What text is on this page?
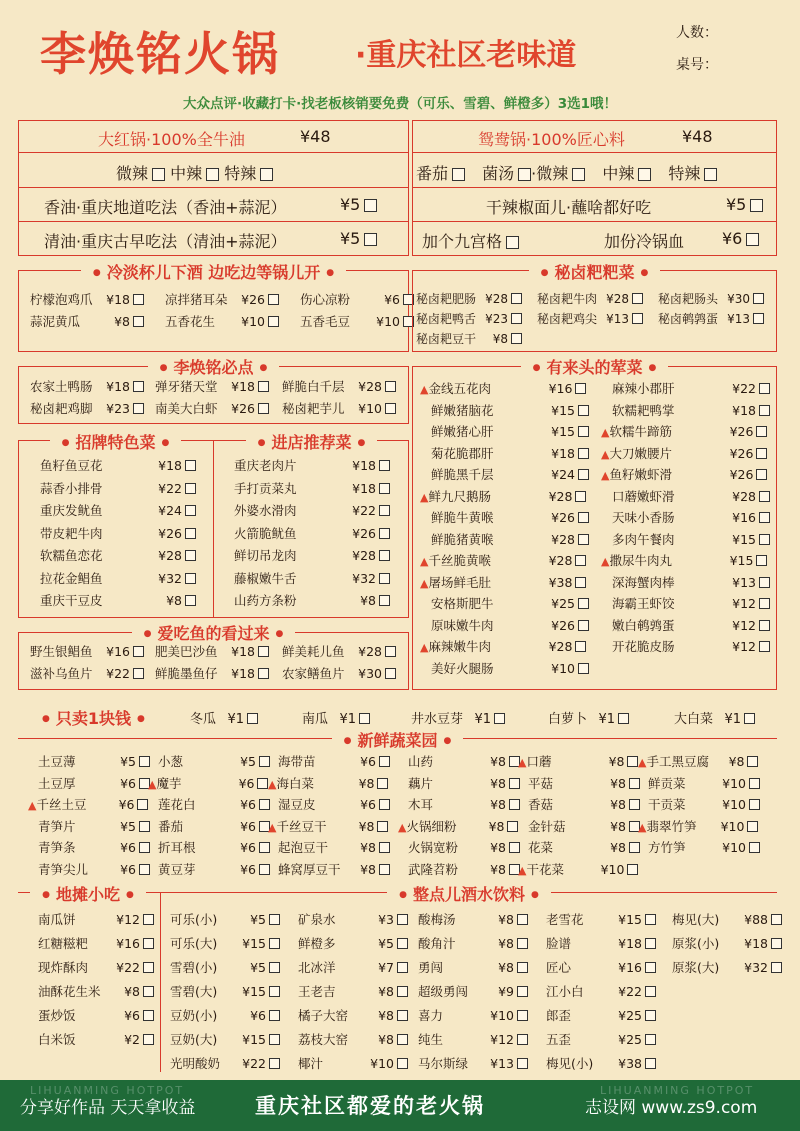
李焕铭火锅	·重庆社区老味道
人数：
桌号：
大众点评·收藏打卡·找老板核销要免费（可乐、雪碧、鲜橙多）3选1哦！
大红锅·100%全牛油	¥48	鸳鸯锅·100%匠心料	¥48
微辣 中辣 特辣	番茄 菌汤 ·微辣 中辣 特辣
香油·重庆地道吃法（香油+蒜泥）	¥5
清油·重庆古早吃法（清油+蒜泥）	¥5
干辣椒面儿·蘸啥都好吃	¥5
加个九宫格	加份冷锅血 ¥6
● 冷淡杯儿下酒 边吃边等锅儿开 ●
柠檬泡鸡爪 ¥18	凉拌猪耳朵 ¥26	伤心凉粉	¥6
蒜泥黄瓜	¥8	五香花生 ¥10	五香毛豆 ¥10
● 秘卤粑粑菜 ●
秘卤耙肥肠 ¥28	秘卤耙牛肉 ¥28	秘卤耙肠头 ¥30
秘卤耙鸭舌 ¥23	秘卤耙鸡尖 ¥13	秘卤鹌鹑蛋 ¥13
秘卤耙豆干 ¥8
● 李焕铭必点 ●
农家土鸭肠 ¥18	弹牙猪天堂 ¥18	鲜脆白千层 ¥28
秘卤耙鸡脚 ¥23	南美大白虾 ¥26	秘卤耙芋儿 ¥10
● 有来头的荤菜 ●
▲金线五花肉	¥16
鲜嫩猪脑花	¥15
鲜嫩猪心肝	¥15
菊花脆郡肝	¥18
鲜脆黑千层	¥24
▲鲜九尺鹅肠	¥28
鲜脆牛黄喉	¥26
鲜脆猪黄喉	¥28
▲千丝脆黄喉	¥28
▲屠场鲜毛肚	¥38
安格斯肥牛	¥25
原味嫩牛肉	¥26
▲麻辣嫩牛肉	¥28
美好火腿肠	¥10
麻辣小郡肝	¥22
软糯耙鸭掌	¥18
▲软糯牛蹄筋	¥26
▲大刀嫩腰片	¥26
▲鱼籽嫩虾滑	¥26
口蘑嫩虾滑	¥28
天味小香肠	¥16
多肉午餐肉	¥15
▲撒尿牛肉丸	¥15
深海蟹肉棒	¥13
海霸王虾饺	¥12
嫩白鹌鹑蛋	¥12
开花脆皮肠	¥12
● 招牌特色菜 ●	● 进店推荐菜 ●
鱼籽鱼豆花	¥18
蒜香小排骨	¥22
重庆发鱿鱼	¥24
带皮耙牛肉	¥26
软糯鱼恋花	¥28
拉花金鲳鱼	¥32
重庆干豆皮	¥8
重庆老肉片	¥18
手打贡菜丸	¥18
外婆水滑肉	¥22
火箭脆鱿鱼	¥26
鲜切吊龙肉	¥28
藤椒嫩牛舌	¥32
山药方条粉	¥8
● 爱吃鱼的看过来 ●
野生银鲳鱼 ¥16	肥美巴沙鱼 ¥18	鲜美耗儿鱼 ¥28
滋补乌鱼片 ¥22	鲜脆墨鱼仔 ¥18	农家鳝鱼片 ¥30
● 只卖1块钱 ●	冬瓜 ¥1	南瓜 ¥1	井水豆芽 ¥1	白萝卜 ¥1	大白菜 ¥1
● 新鲜蔬菜园 ●
土豆薄	¥5
土豆厚	¥6
▲千丝土豆	¥6
青笋片	¥5
青笋条	¥6
青笋尖儿	¥6
小葱	¥5
▲魔芋	¥6
莲花白	¥6
番茄	¥6
折耳根	¥6
黄豆芽	¥6
海带苗	¥6
▲海白菜	¥8
湿豆皮	¥6
▲千丝豆干	¥8
起泡豆干	¥8
蜂窝厚豆干 ¥8
山药	¥8
藕片	¥8
木耳	¥8
▲火锅细粉	¥8
火锅宽粉	¥8
武隆苕粉	¥8
▲口蘑	¥8
平菇	¥8
香菇	¥8
金针菇	¥8
花菜	¥8
▲干花菜	¥10
▲手工黑豆腐 ¥8
鲜贡菜	¥10
干贡菜	¥10
▲翡翠竹笋 ¥10
方竹笋	¥10
● 地摊小吃 ●	● 整点儿酒水饮料 ●
南瓜饼	¥12
红糖糍粑 ¥16
现炸酥肉 ¥22
油酥花生米 ¥8
蛋炒饭	¥6
白米饭	¥2
可乐(小)	¥5
可乐(大) ¥15
雪碧(小)	¥5
雪碧(大) ¥15
豆奶(小)	¥6
豆奶(大) ¥15
光明酸奶 ¥22
矿泉水	¥3
鲜橙多	¥5
北冰洋	¥7
王老吉	¥8
橘子大窑 ¥8
荔枝大窑 ¥8
椰汁	¥10
酸梅汤	¥8
酸角汁	¥8
勇闯	¥8
超级勇闯 ¥9
喜力	¥10
纯生	¥12
马尔斯绿 ¥13
老雪花	¥15
脸谱	¥18
匠心	¥16
江小白	¥22
郎歪	¥25
五歪	¥25
梅见(小) ¥38
梅见(大) ¥88
原浆(小) ¥18
原浆(大) ¥32
LIHUANMING HOTPOT	LIHUANMING HOTPOT
分享好作品 天天拿收益	重庆社区都爱的老火锅	志设网 www.zs9.com
